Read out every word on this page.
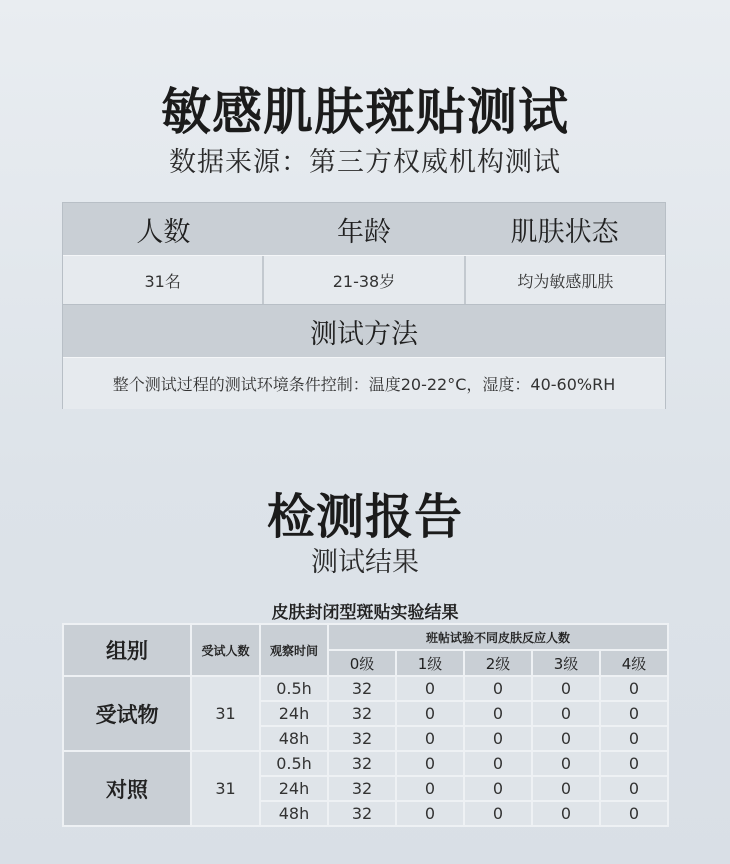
敏感肌肤斑贴测试
数据来源：第三方权威机构测试
人数	年龄	肌肤状态
31名	21-38岁	均为敏感肌肤
测试方法
整个测试过程的测试环境条件控制：温度20-22°C，湿度：40-60%RH
检测报告
测试结果
皮肤封闭型斑贴实验结果
组别	受试人数	观察时间	班帖试验不同皮肤反应人数				
			0级	1级	2级	3级	4级
受试物	31	0.5h	32	0	0	0	0
		24h	32	0	0	0	0
		48h	32	0	0	0	0
对照	31	0.5h	32	0	0	0	0
		24h	32	0	0	0	0
		48h	32	0	0	0	0
